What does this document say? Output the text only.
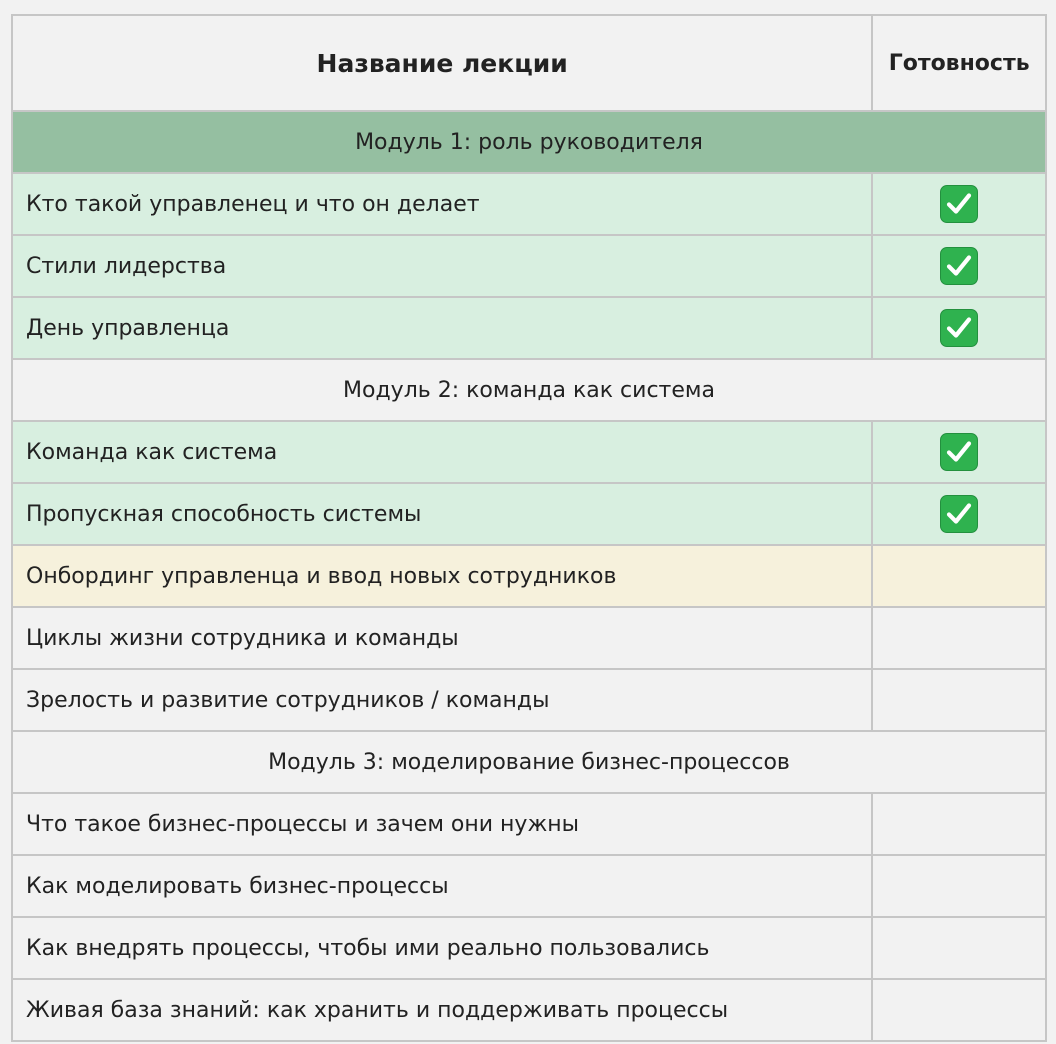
Название лекции	Готовность
Модуль 1: роль руководителя
Кто такой управленец и что он делает
Стили лидерства
День управленца
Модуль 2: команда как система
Команда как система
Пропускная способность системы
Онбординг управленца и ввод новых сотрудников
Циклы жизни сотрудника и команды
Зрелость и развитие сотрудников / команды
Модуль 3: моделирование бизнес-процессов
Что такое бизнес-процессы и зачем они нужны
Как моделировать бизнес-процессы
Как внедрять процессы, чтобы ими реально пользовались
Живая база знаний: как хранить и поддерживать процессы
